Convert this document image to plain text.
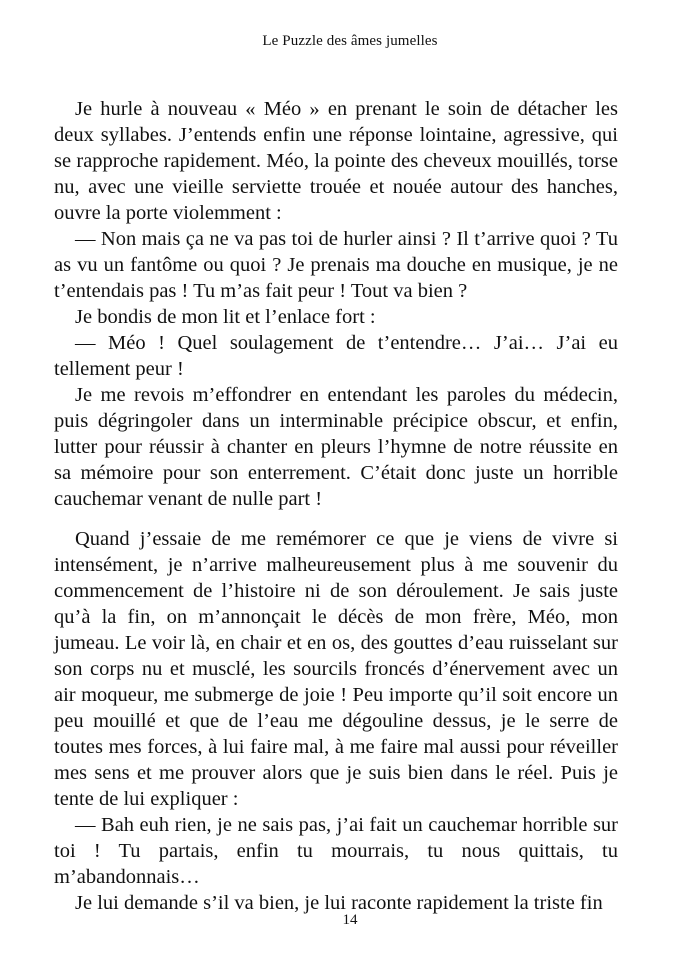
Le Puzzle des âmes jumelles

Je hurle à nouveau « Méo » en prenant le soin de détacher les deux syllabes. J’entends enfin une réponse lointaine, agressive, qui se rapproche rapidement. Méo, la pointe des cheveux mouillés, torse nu, avec une vieille serviette trouée et nouée autour des hanches, ouvre la porte violemment :

— Non mais ça ne va pas toi de hurler ainsi ? Il t’arrive quoi ? Tu as vu un fantôme ou quoi ? Je prenais ma douche en musique, je ne t’entendais pas ! Tu m’as fait peur ! Tout va bien ?

Je bondis de mon lit et l’enlace fort :

— Méo ! Quel soulagement de t’entendre… J’ai… J’ai eu tellement peur !

Je me revois m’effondrer en entendant les paroles du médecin, puis dégringoler dans un interminable précipice obscur, et enfin, lutter pour réussir à chanter en pleurs l’hymne de notre réussite en sa mémoire pour son enterrement. C’était donc juste un horrible cauchemar venant de nulle part !

Quand j’essaie de me remémorer ce que je viens de vivre si intensément, je n’arrive malheureusement plus à me souvenir du commencement de l’histoire ni de son déroulement. Je sais juste qu’à la fin, on m’annonçait le décès de mon frère, Méo, mon jumeau. Le voir là, en chair et en os, des gouttes d’eau ruisselant sur son corps nu et musclé, les sourcils froncés d’énervement avec un air moqueur, me submerge de joie ! Peu importe qu’il soit encore un peu mouillé et que de l’eau me dégouline dessus, je le serre de toutes mes forces, à lui faire mal, à me faire mal aussi pour réveiller mes sens et me prouver alors que je suis bien dans le réel. Puis je tente de lui expliquer :

— Bah euh rien, je ne sais pas, j’ai fait un cauchemar horrible sur toi ! Tu partais, enfin tu mourrais, tu nous quittais, tu m’abandonnais…

Je lui demande s’il va bien, je lui raconte rapidement la triste fin

14
